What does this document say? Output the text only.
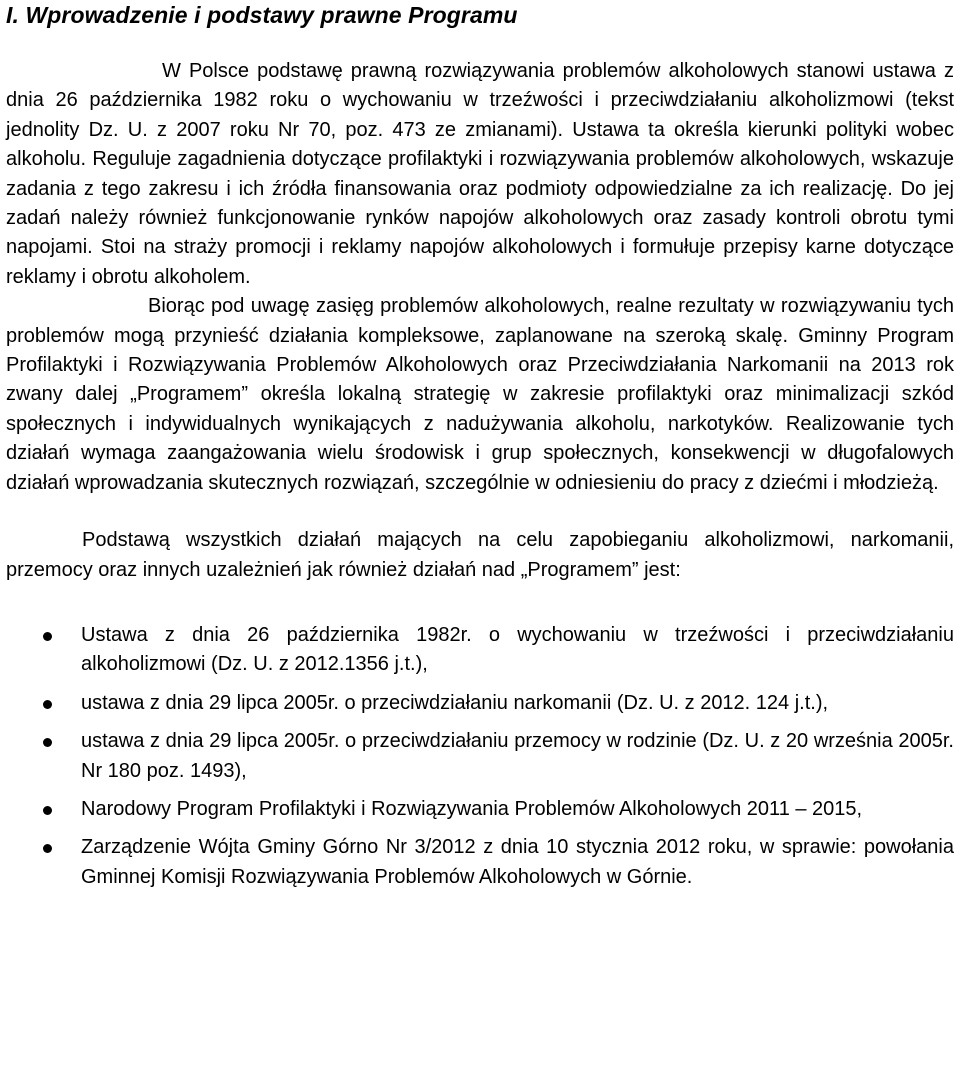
I. Wprowadzenie i podstawy prawne Programu

W Polsce podstawę prawną rozwiązywania problemów alkoholowych stanowi ustawa z dnia 26 października 1982 roku o wychowaniu w trzeźwości i przeciwdziałaniu alkoholizmowi (tekst jednolity Dz. U. z 2007 roku Nr 70, poz. 473 ze zmianami). Ustawa ta określa kierunki polityki wobec alkoholu. Reguluje zagadnienia dotyczące profilaktyki i rozwiązywania problemów alkoholowych, wskazuje zadania z tego zakresu i ich źródła finansowania oraz podmioty odpowiedzialne za ich realizację. Do jej zadań należy również funkcjonowanie rynków napojów alkoholowych oraz zasady kontroli obrotu tymi napojami. Stoi na straży promocji i reklamy napojów alkoholowych i formułuje przepisy karne dotyczące reklamy i obrotu alkoholem.

Biorąc pod uwagę zasięg problemów alkoholowych, realne rezultaty w rozwiązywaniu tych problemów mogą przynieść działania kompleksowe, zaplanowane na szeroką skalę. Gminny Program Profilaktyki i Rozwiązywania Problemów Alkoholowych oraz Przeciwdziałania Narkomanii na 2013 rok zwany dalej „Programem” określa lokalną strategię w zakresie profilaktyki oraz minimalizacji szkód społecznych i indywidualnych wynikających z nadużywania alkoholu, narkotyków. Realizowanie tych działań wymaga zaangażowania wielu środowisk i grup społecznych, konsekwencji w długofalowych działań wprowadzania skutecznych rozwiązań, szczególnie w odniesieniu do pracy z dziećmi i młodzieżą.

Podstawą wszystkich działań mających na celu zapobieganiu alkoholizmowi, narkomanii, przemocy oraz innych uzależnień jak również działań nad „Programem” jest:

Ustawa z dnia 26 października 1982r. o wychowaniu w trzeźwości i przeciwdziałaniu alkoholizmowi (Dz. U. z 2012.1356 j.t.),
ustawa z dnia 29 lipca 2005r. o przeciwdziałaniu narkomanii (Dz. U. z 2012. 124 j.t.),
ustawa z dnia 29 lipca 2005r. o przeciwdziałaniu przemocy w rodzinie (Dz. U. z 20 września 2005r. Nr 180 poz. 1493),
Narodowy Program Profilaktyki i Rozwiązywania Problemów Alkoholowych 2011 – 2015,
Zarządzenie Wójta Gminy Górno Nr 3/2012 z dnia 10 stycznia 2012 roku, w sprawie: powołania Gminnej Komisji Rozwiązywania Problemów Alkoholowych w Górnie.
